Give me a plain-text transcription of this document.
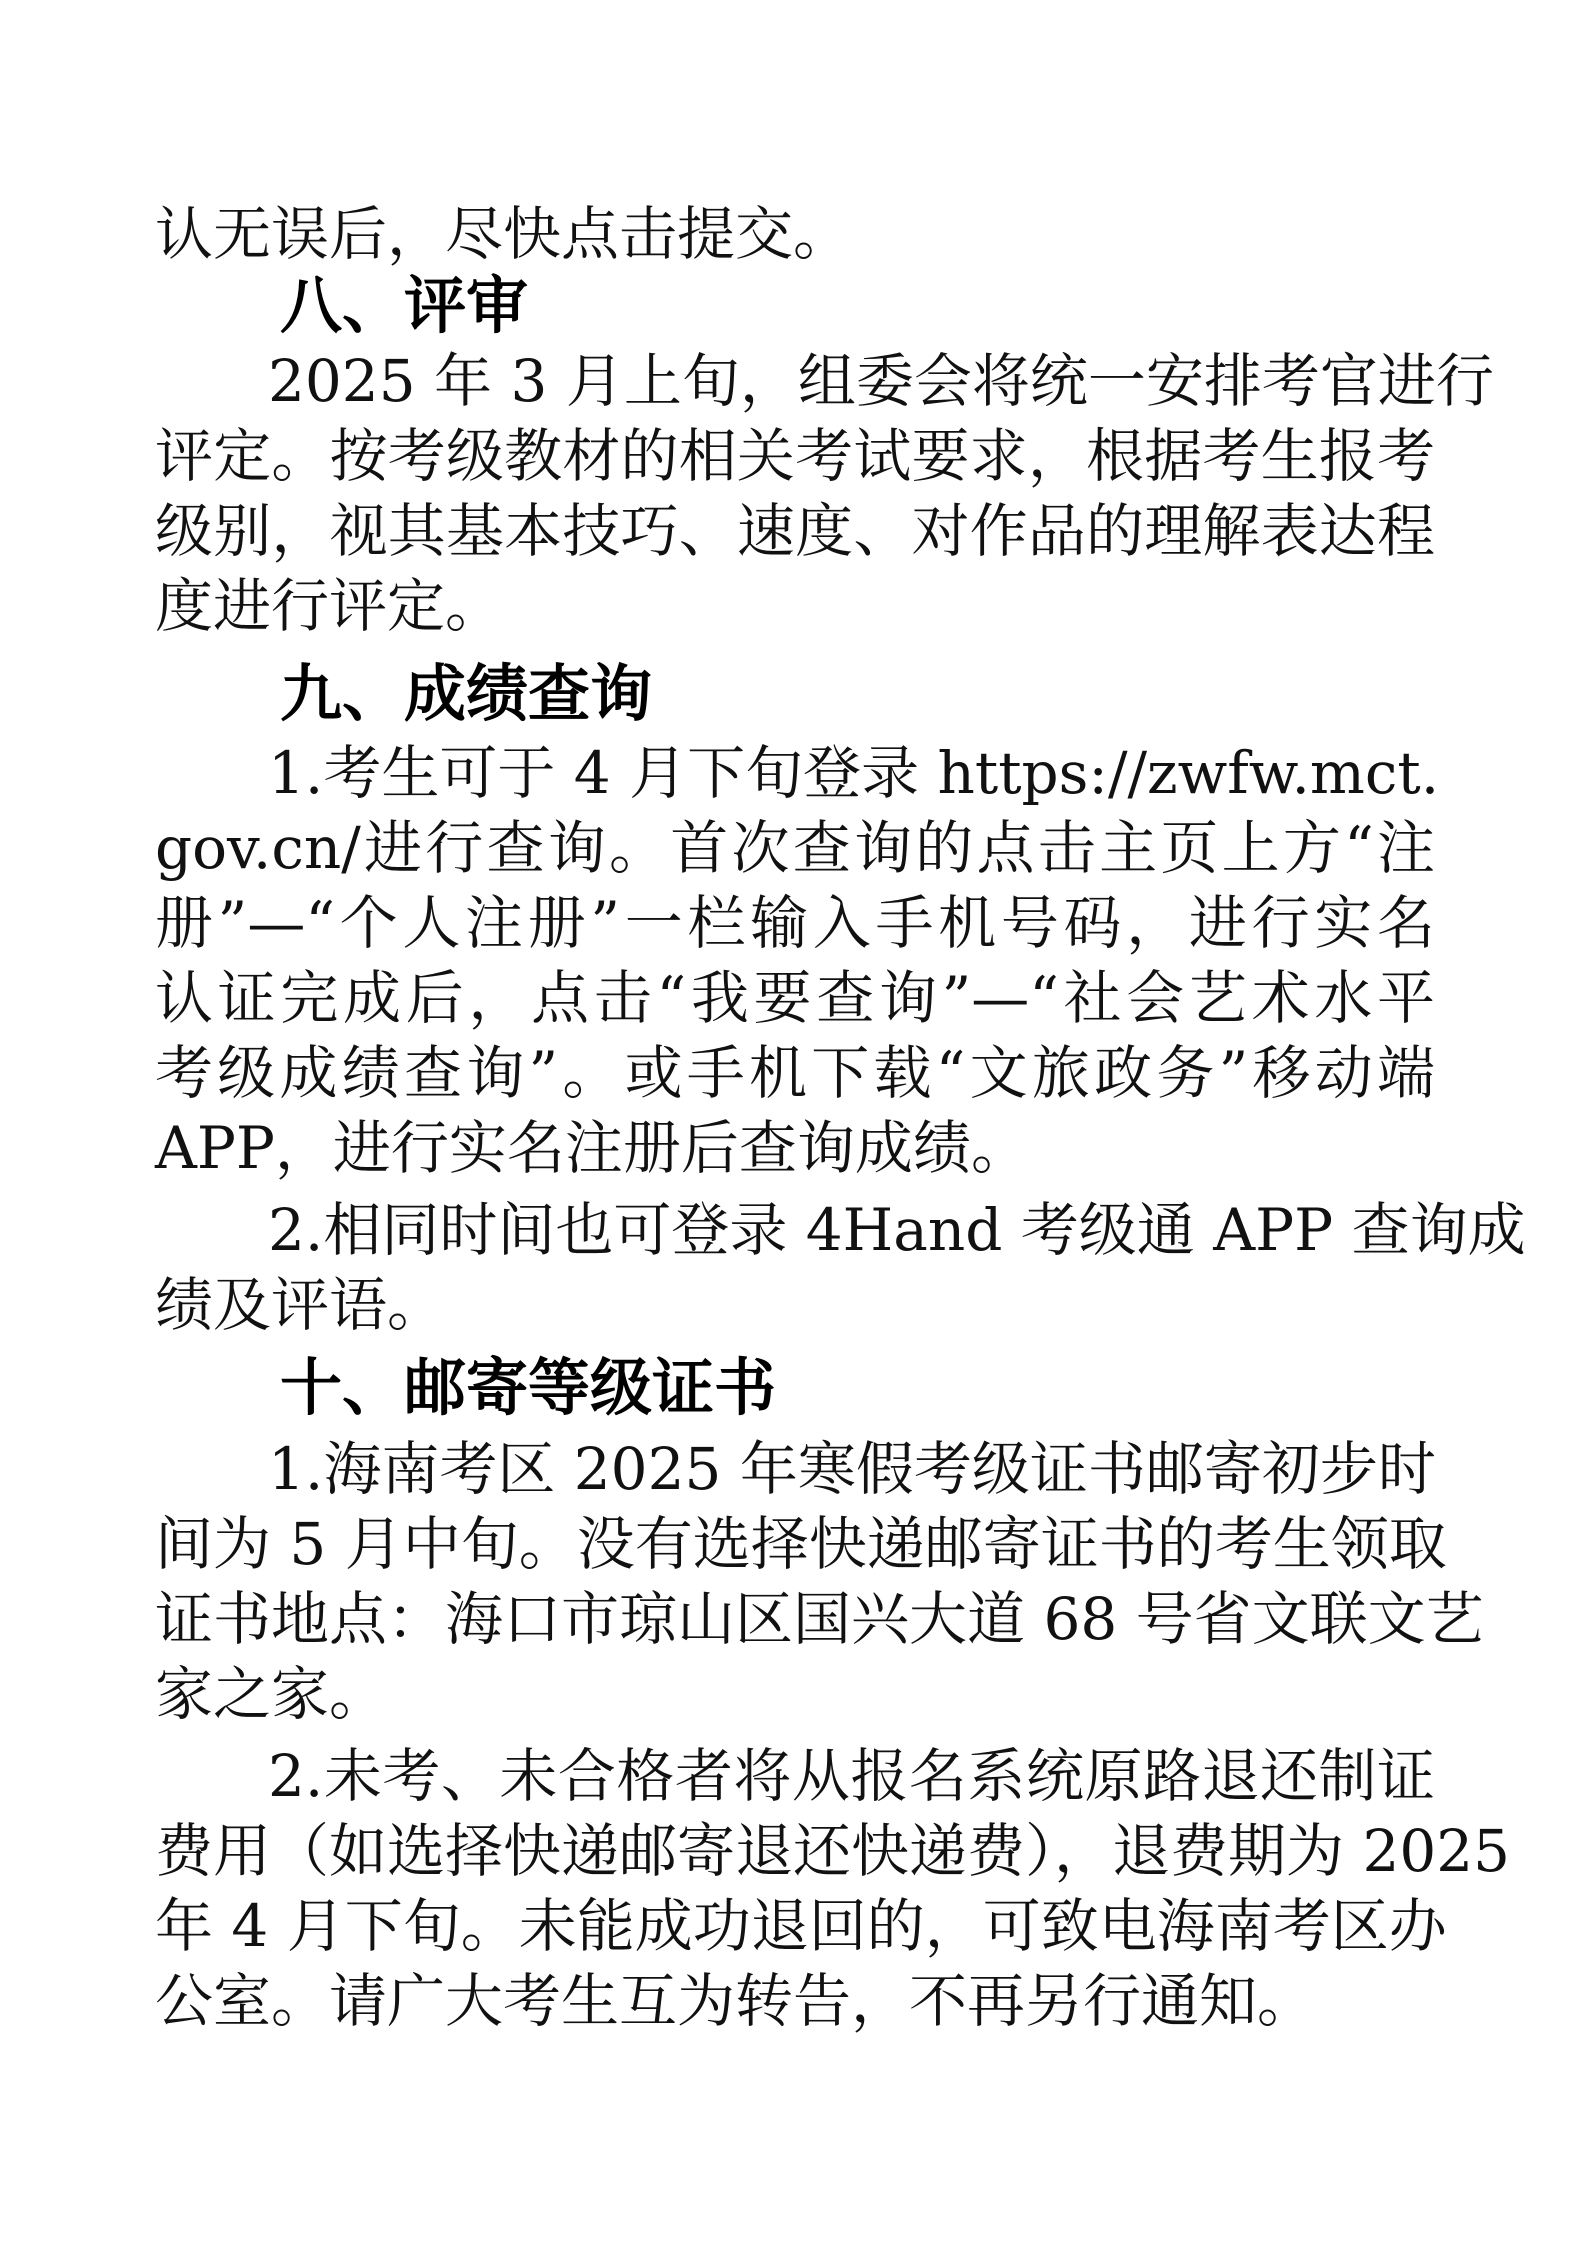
认无误后，尽快点击提交。
八、评审
2025 年 3 月上旬，组委会将统一安排考官进行
评定。按考级教材的相关考试要求，根据考生报考
级别，视其基本技巧、速度、对作品的理解表达程
度进行评定。
九、成绩查询
1.考生可于 4 月下旬登录 https://zwfw.mct.
gov.cn/进行查询。首次查询的点击主页上方“注
册”—“个人注册”一栏输入手机号码，进行实名
认证完成后，点击“我要查询”—“社会艺术水平
考级成绩查询”。或手机下载“文旅政务”移动端
APP，进行实名注册后查询成绩。
2.相同时间也可登录 4Hand 考级通 APP 查询成
绩及评语。
十、邮寄等级证书
1.海南考区 2025 年寒假考级证书邮寄初步时
间为 5 月中旬。没有选择快递邮寄证书的考生领取
证书地点：海口市琼山区国兴大道 68 号省文联文艺
家之家。
2.未考、未合格者将从报名系统原路退还制证
费用（如选择快递邮寄退还快递费），退费期为 2025
年 4 月下旬。未能成功退回的，可致电海南考区办
公室。请广大考生互为转告，不再另行通知。
